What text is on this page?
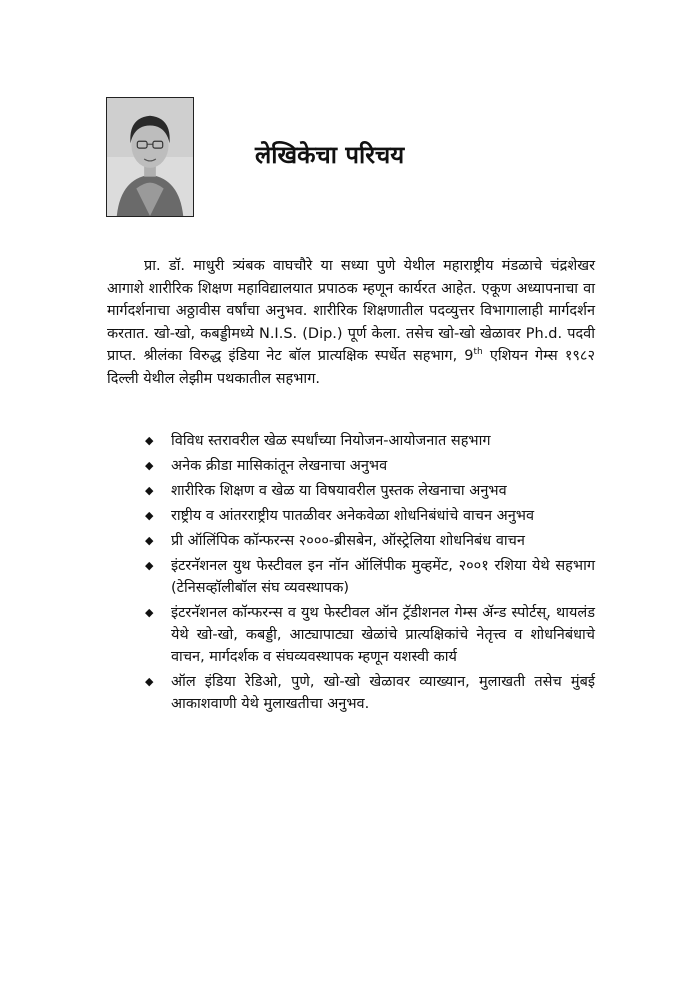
लेखिकेचा परिचय

प्रा. डॉ. माधुरी त्र्यंबक वाघचौरे या सध्या पुणे येथील महाराष्ट्रीय मंडळाचे चंद्रशेखर आगाशे शारीरिक शिक्षण महाविद्यालयात प्रपाठक म्हणून कार्यरत आहेत. एकूण अध्यापनाचा वा मार्गदर्शनाचा अठ्ठावीस वर्षांचा अनुभव. शारीरिक शिक्षणातील पदव्युत्तर विभागालाही मार्गदर्शन करतात. खो-खो, कबड्डीमध्ये N.I.S. (Dip.) पूर्ण केला. तसेच खो-खो खेळावर Ph.d. पदवी प्राप्त. श्रीलंका विरुद्ध इंडिया नेट बॉल प्रात्यक्षिक स्पर्धेत सहभाग, 9th एशियन गेम्स १९८२ दिल्ली येथील लेझीम पथकातील सहभाग.

◆ विविध स्तरावरील खेळ स्पर्धांच्या नियोजन-आयोजनात सहभाग
◆ अनेक क्रीडा मासिकांतून लेखनाचा अनुभव
◆ शारीरिक शिक्षण व खेळ या विषयावरील पुस्तक लेखनाचा अनुभव
◆ राष्ट्रीय व आंतरराष्ट्रीय पातळीवर अनेकवेळा शोधनिबंधांचे वाचन अनुभव
◆ प्री ऑलिंपिक कॉन्फरन्स २०००-ब्रीसबेन, ऑस्ट्रेलिया शोधनिबंध वाचन
◆ इंटरनॅशनल युथ फेस्टीवल इन नॉन ऑलिंपीक मुव्हमेंट, २००१ रशिया येथे सहभाग (टेनिसव्हॉलीबॉल संघ व्यवस्थापक)
◆ इंटरनॅशनल कॉन्फरन्स व युथ फेस्टीवल ऑन ट्रॅडीशनल गेम्स ॲन्ड स्पोर्टस्, थायलंड येथे खो-खो, कबड्डी, आट्यापाट्या खेळांचे प्रात्यक्षिकांचे नेतृत्त्व व शोधनिबंधाचे वाचन, मार्गदर्शक व संघव्यवस्थापक म्हणून यशस्वी कार्य
◆ ऑल इंडिया रेडिओ, पुणे, खो-खो खेळावर व्याख्यान, मुलाखती तसेच मुंबई आकाशवाणी येथे मुलाखतीचा अनुभव.
